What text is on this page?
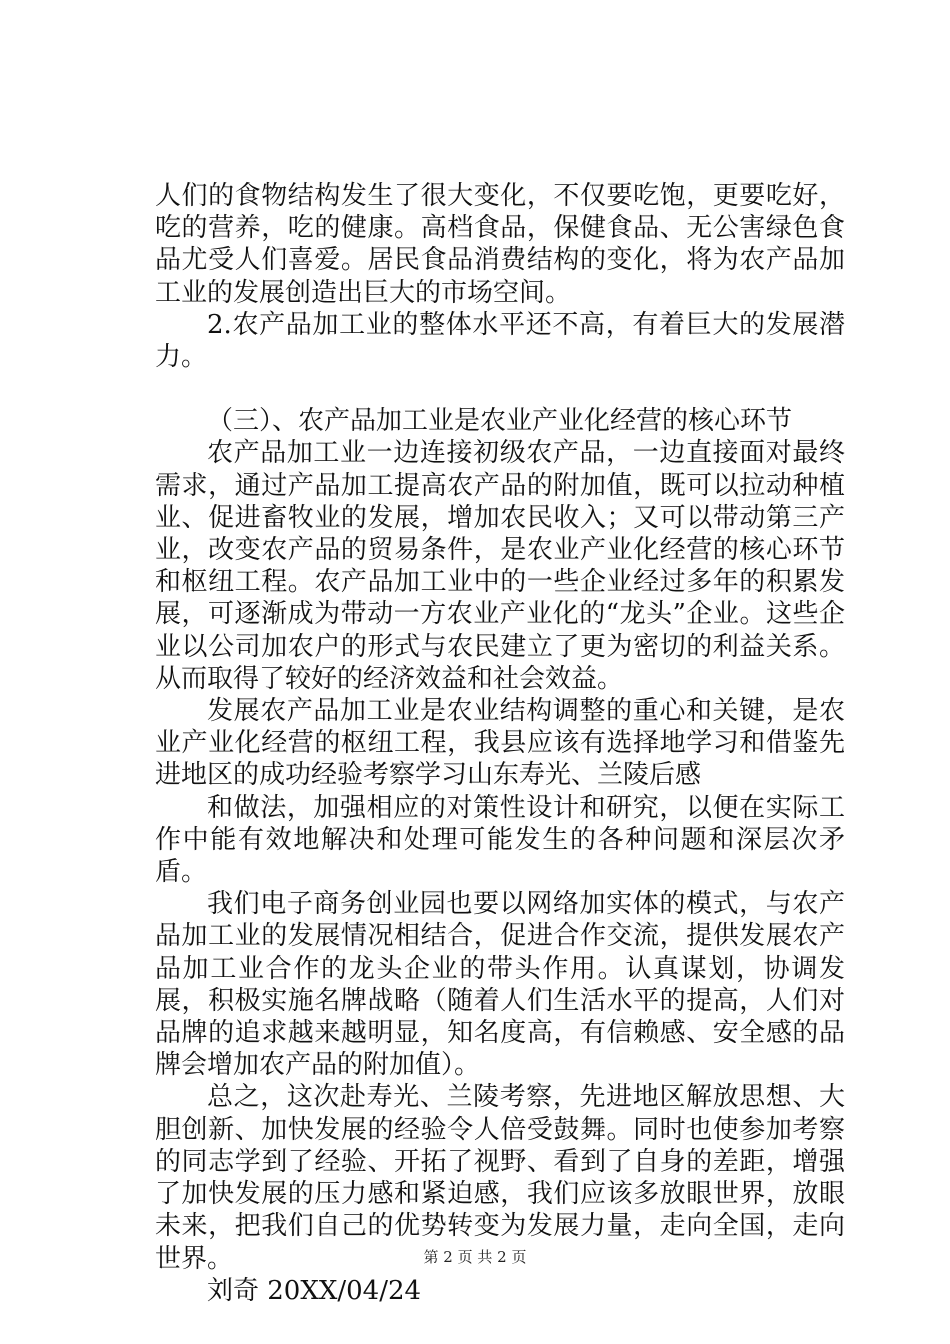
人们的食物结构发生了很大变化，不仅要吃饱，更要吃好，吃的营养，吃的健康。高档食品，保健食品、无公害绿色食品尤受人们喜爱。居民食品消费结构的变化，将为农产品加工业的发展创造出巨大的市场空间。

2.农产品加工业的整体水平还不高，有着巨大的发展潜力。

（三）、农产品加工业是农业产业化经营的核心环节

农产品加工业一边连接初级农产品，一边直接面对最终需求，通过产品加工提高农产品的附加值，既可以拉动种植业、促进畜牧业的发展，增加农民收入；又可以带动第三产业，改变农产品的贸易条件，是农业产业化经营的核心环节和枢纽工程。农产品加工业中的一些企业经过多年的积累发展，可逐渐成为带动一方农业产业化的“龙头”企业。这些企业以公司加农户的形式与农民建立了更为密切的利益关系。从而取得了较好的经济效益和社会效益。

发展农产品加工业是农业结构调整的重心和关键，是农业产业化经营的枢纽工程，我县应该有选择地学习和借鉴先进地区的成功经验考察学习山东寿光、兰陵后感

和做法，加强相应的对策性设计和研究，以便在实际工作中能有效地解决和处理可能发生的各种问题和深层次矛盾。

我们电子商务创业园也要以网络加实体的模式，与农产品加工业的发展情况相结合，促进合作交流，提供发展农产品加工业合作的龙头企业的带头作用。认真谋划，协调发展，积极实施名牌战略（随着人们生活水平的提高，人们对品牌的追求越来越明显，知名度高，有信赖感、安全感的品牌会增加农产品的附加值）。

总之，这次赴寿光、兰陵考察，先进地区解放思想、大胆创新、加快发展的经验令人倍受鼓舞。同时也使参加考察的同志学到了经验、开拓了视野、看到了自身的差距，增强了加快发展的压力感和紧迫感，我们应该多放眼世界，放眼未来，把我们自己的优势转变为发展力量，走向全国，走向世界。

刘奇 20XX/04/24

第 2 页 共 2 页
